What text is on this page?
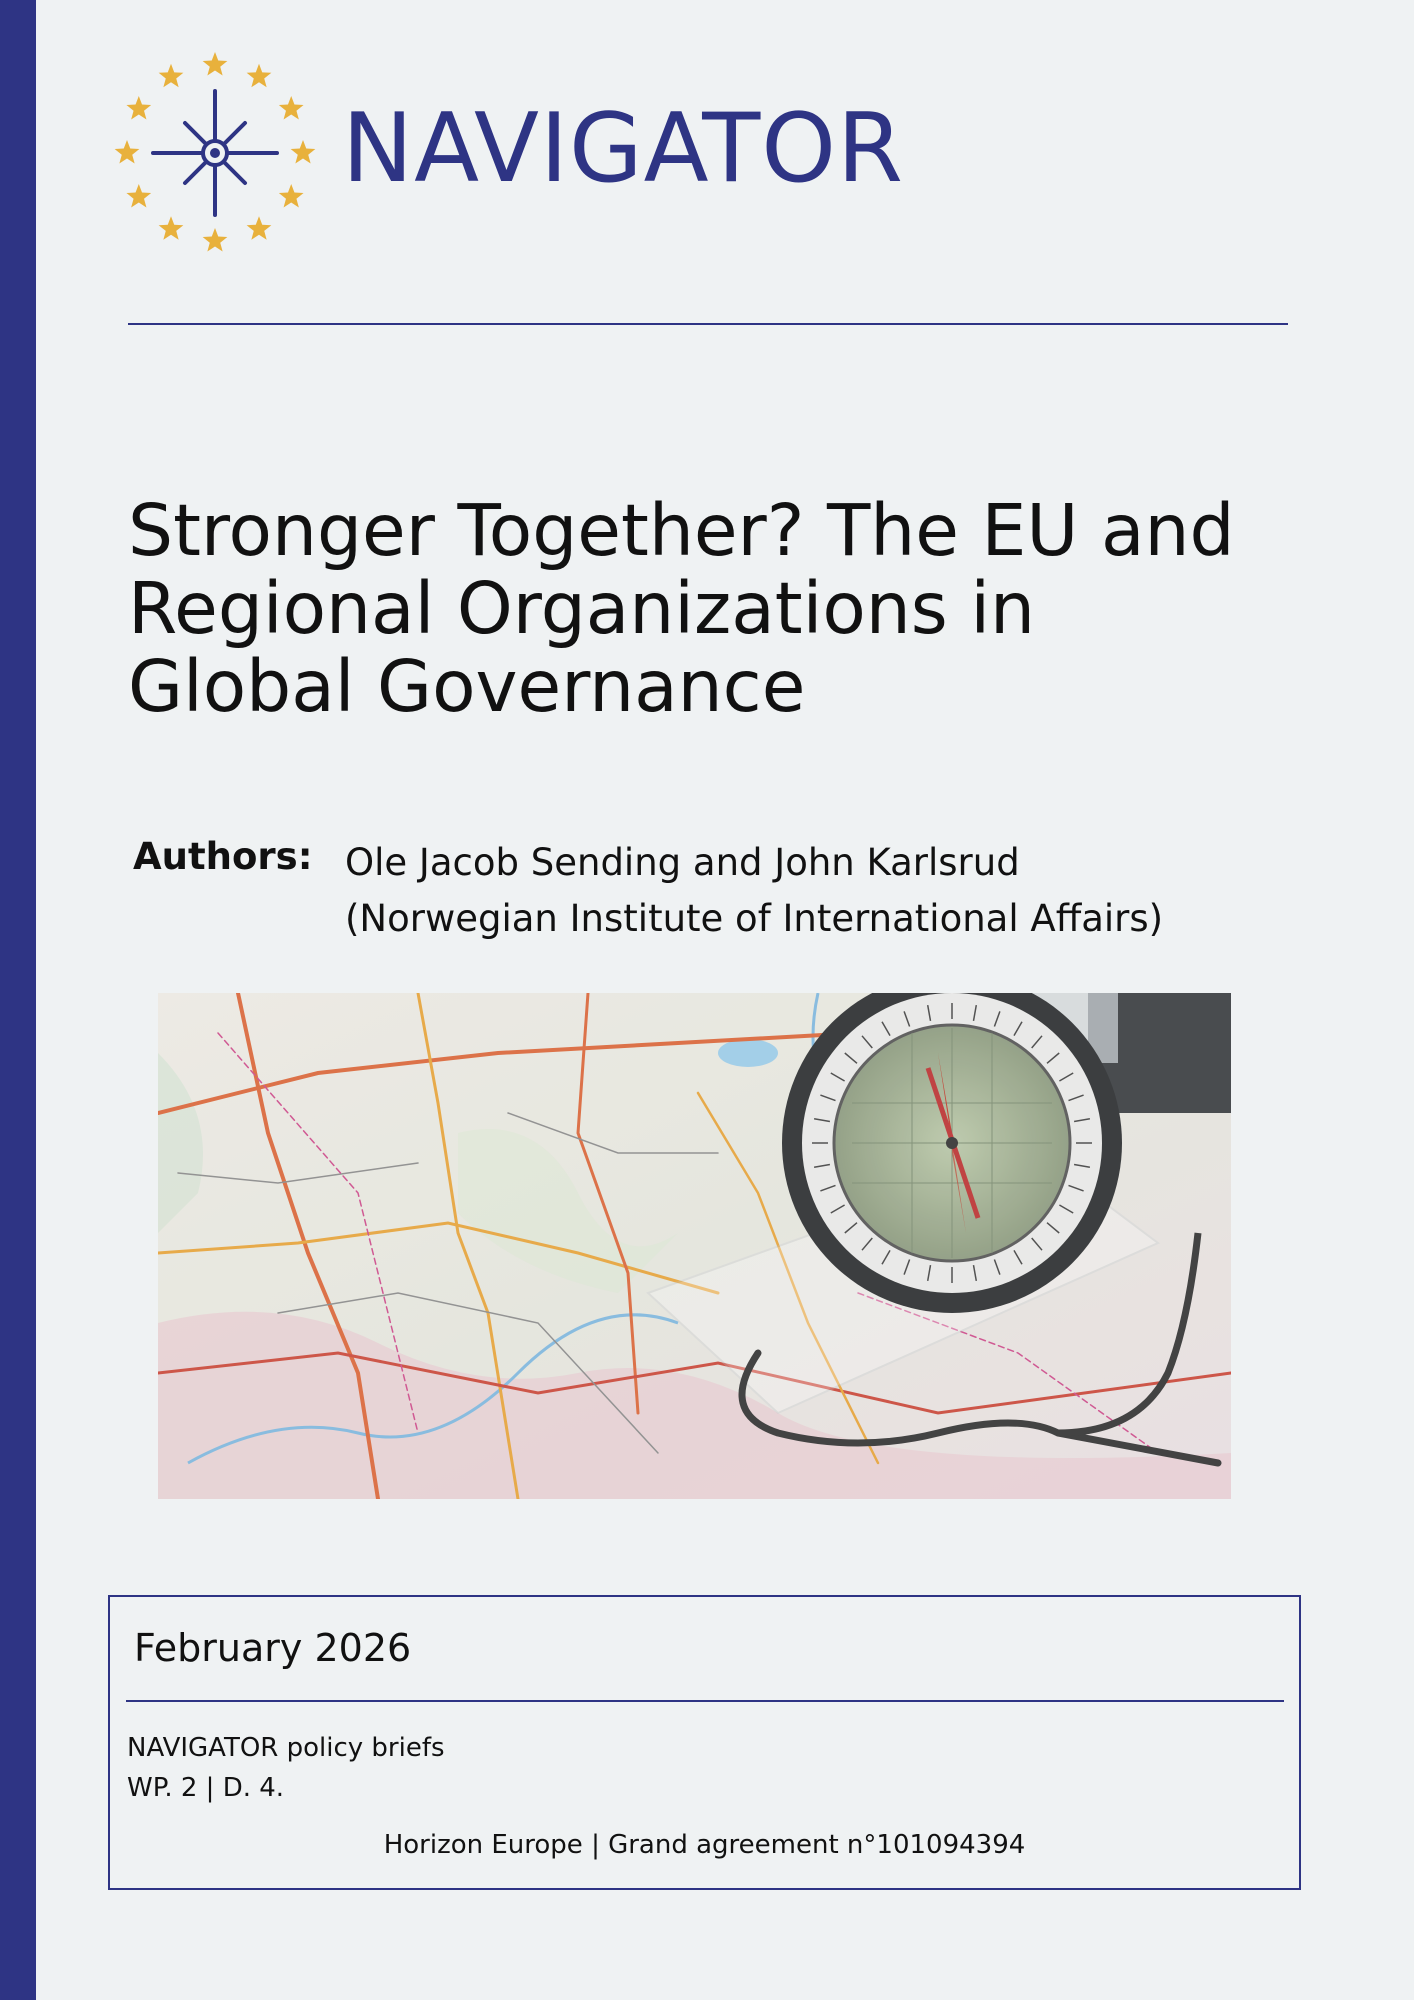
NAVIGATOR
Stronger Together? The EU and
Regional Organizations in
Global Governance
Authors: Ole Jacob Sending and John Karlsrud
(Norwegian Institute of International Affairs)
February 2026
NAVIGATOR policy briefs
WP. 2 | D. 4.
Horizon Europe | Grand agreement n°101094394
